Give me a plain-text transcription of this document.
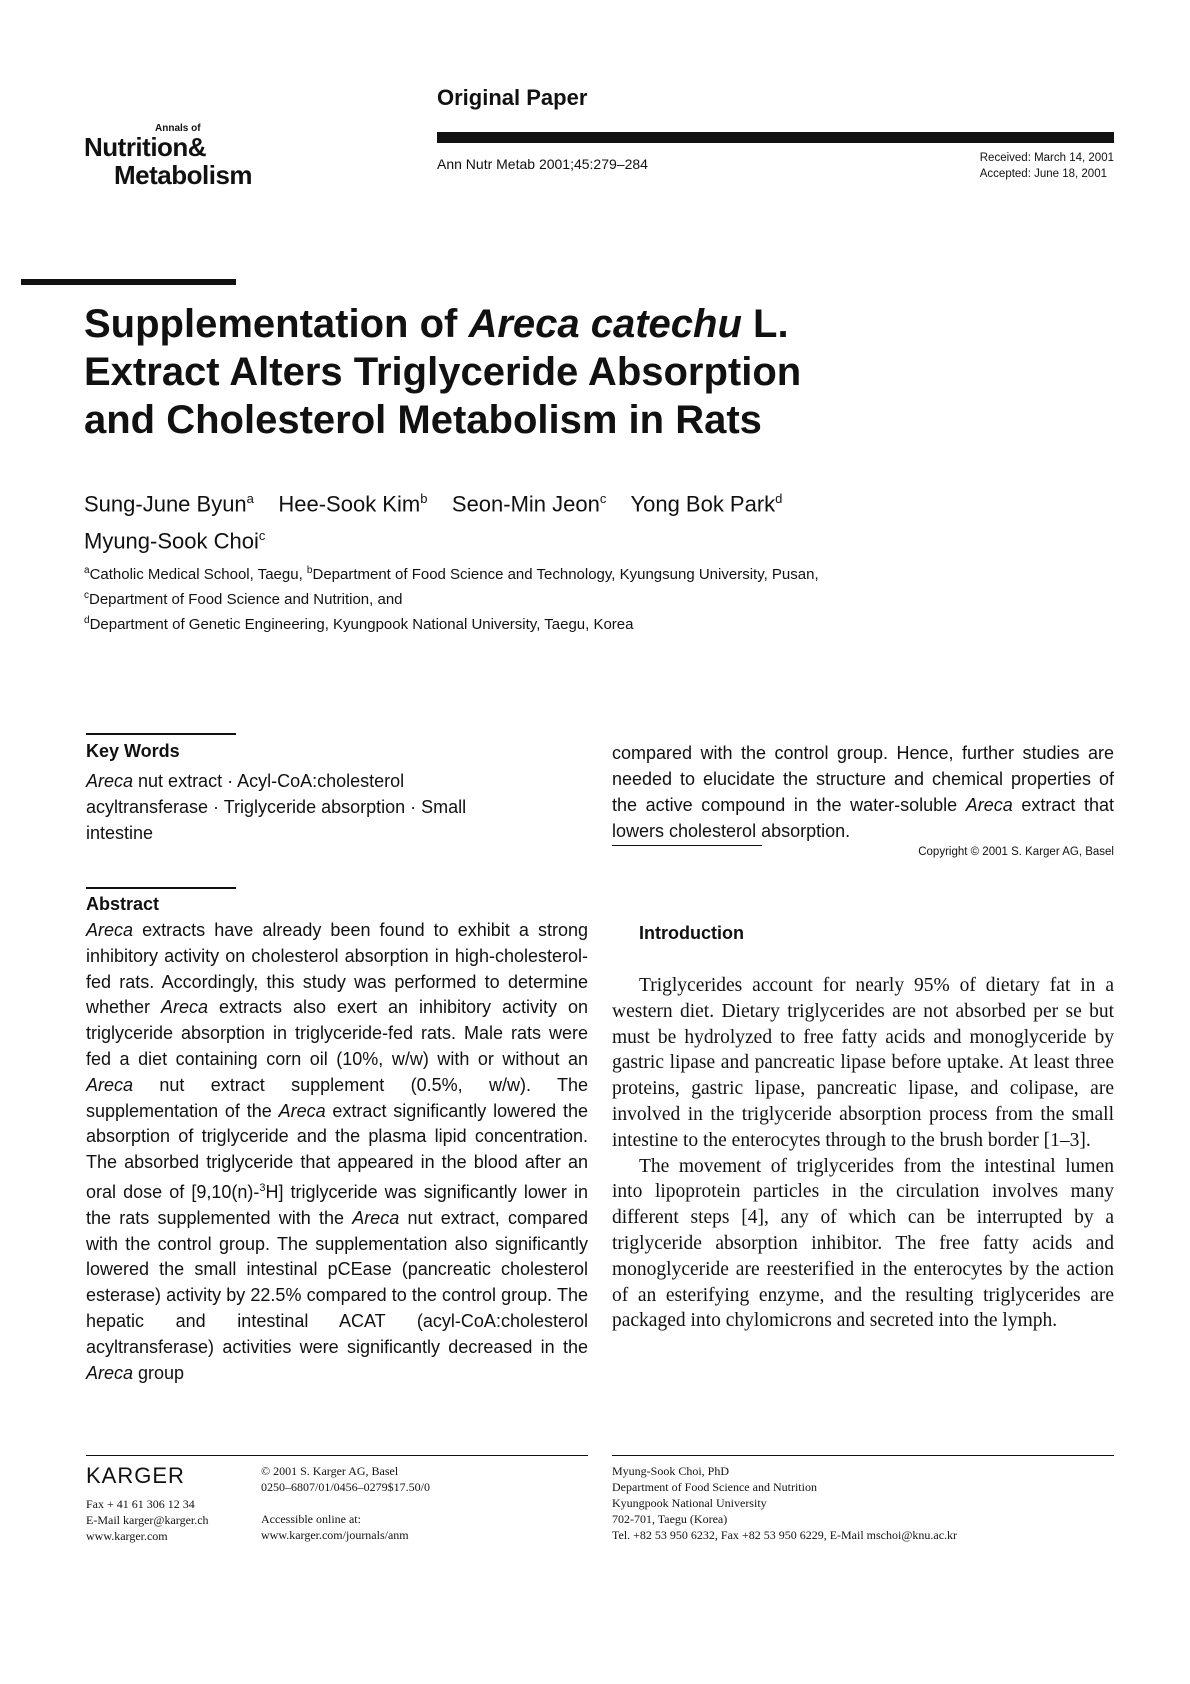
Annals of
Nutrition&
Metabolism
Original Paper
Ann Nutr Metab 2001;45:279–284	Received: March 14, 2001
Accepted: June 18, 2001
Supplementation of Areca catechu L.
Extract Alters Triglyceride Absorption
and Cholesterol Metabolism in Rats
Sung-June Byun$^a$ Hee-Sook Kim$^b$ Seon-Min Jeon$^c$ Yong Bok Park$^d$
Myung-Sook Choi$^c$
$^a$Catholic Medical School, Taegu, $^b$Department of Food Science and Technology, Kyungsung University, Pusan,
$^c$Department of Food Science and Nutrition, and
$^d$Department of Genetic Engineering, Kyungpook National University, Taegu, Korea
Key Words
Areca nut extract · Acyl-CoA:cholesterol
acyltransferase · Triglyceride absorption · Small
intestine
Abstract
Areca extracts have already been found to exhibit a strong inhibitory activity on cholesterol absorption in high-cholesterol-fed rats. Accordingly, this study was performed to determine whether Areca extracts also exert an inhibitory activity on triglyceride absorption in triglyceride-fed rats. Male rats were fed a diet containing corn oil (10%, w/w) with or without an Areca nut extract supplement (0.5%, w/w). The supplementation of the Areca extract significantly lowered the absorption of triglyceride and the plasma lipid concentration. The absorbed triglyceride that appeared in the blood after an oral dose of [9,10(n)-$^3$H] triglyceride was significantly lower in the rats supplemented with the Areca nut extract, compared with the control group. The supplementation also significantly lowered the small intestinal pCEase (pancreatic cholesterol esterase) activity by 22.5% compared to the control group. The hepatic and intestinal ACAT (acyl-CoA:cholesterol acyltransferase) activities were significantly decreased in the Areca group
compared with the control group. Hence, further studies are needed to elucidate the structure and chemical properties of the active compound in the water-soluble Areca extract that lowers cholesterol absorption.
Copyright © 2001 S. Karger AG, Basel
Introduction

Triglycerides account for nearly 95% of dietary fat in a western diet. Dietary triglycerides are not absorbed per se but must be hydrolyzed to free fatty acids and monoglyceride by gastric lipase and pancreatic lipase before uptake. At least three proteins, gastric lipase, pancreatic lipase, and colipase, are involved in the triglyceride absorption process from the small intestine to the enterocytes through to the brush border [1–3].

The movement of triglycerides from the intestinal lumen into lipoprotein particles in the circulation involves many different steps [4], any of which can be interrupted by a triglyceride absorption inhibitor. The free fatty acids and monoglyceride are reesterified in the enterocytes by the action of an esterifying enzyme, and the resulting triglycerides are packaged into chylomicrons and secreted into the lymph.

KARGER
Fax + 41 61 306 12 34
E-Mail karger@karger.ch
www.karger.com
© 2001 S. Karger AG, Basel
0250–6807/01/0456–0279$17.50/0
Accessible online at:
www.karger.com/journals/anm
Myung-Sook Choi, PhD
Department of Food Science and Nutrition
Kyungpook National University
702-701, Taegu (Korea)
Tel. +82 53 950 6232, Fax +82 53 950 6229, E-Mail mschoi@knu.ac.kr
